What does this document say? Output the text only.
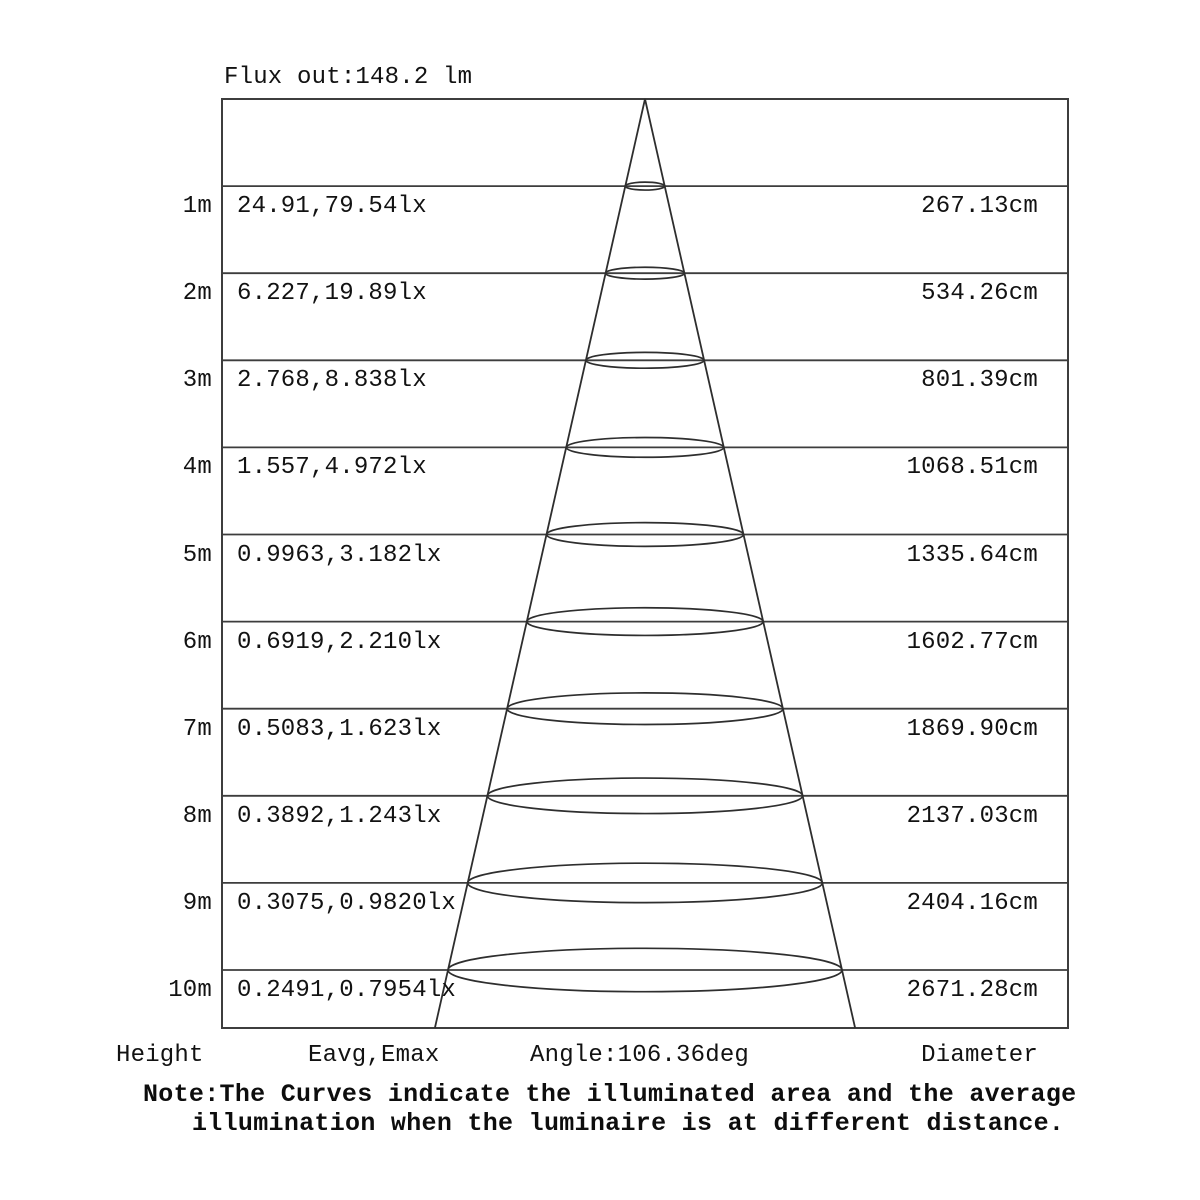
Flux out:148.2 lm
1m 24.91,79.54lx	267.13cm
2m 6.227,19.89lx	534.26cm
3m 2.768,8.838lx	801.39cm
4m 1.557,4.972lx	1068.51cm
5m 0.9963,3.182lx	1335.64cm
6m 0.6919,2.210lx	1602.77cm
7m 0.5083,1.623lx	1869.90cm
8m 0.3892,1.243lx	2137.03cm
9m 0.3075,0.9820lx	2404.16cm
10m 0.2491,0.7954lx	2671.28cm
Height	Eavg,Emax	Angle:106.36deg	Diameter
Note:The Curves indicate the illuminated area and the average
illumination when the luminaire is at different distance.
